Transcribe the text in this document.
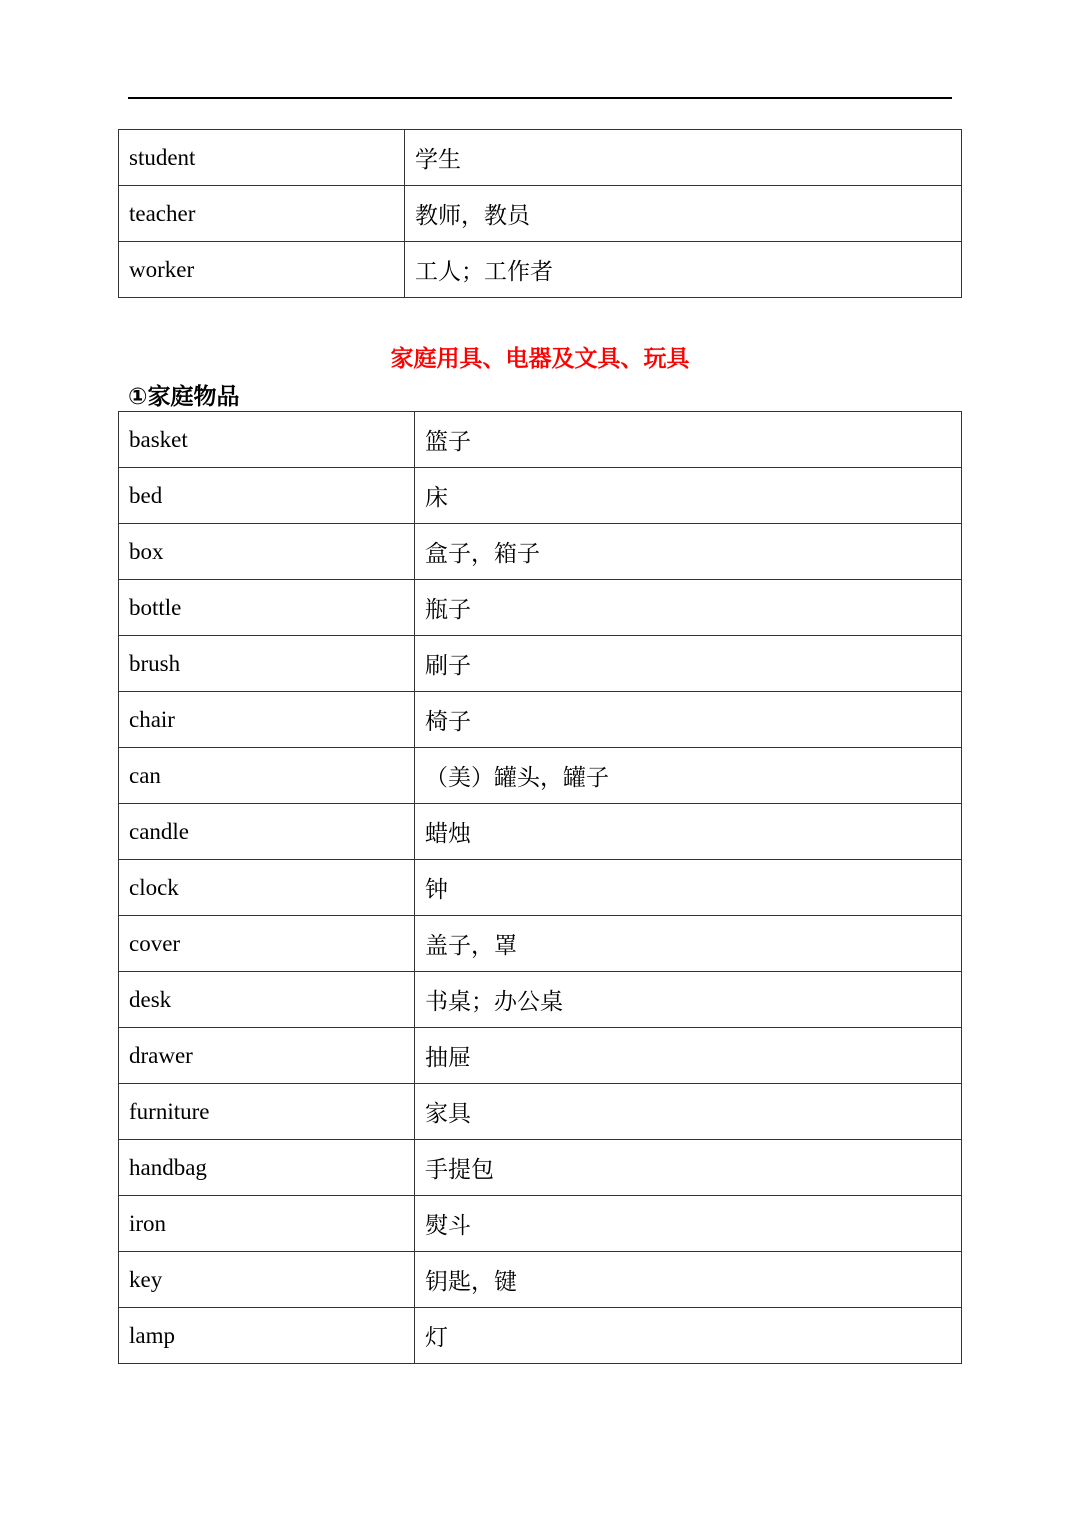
student	学生
teacher	教师，教员
worker	工人；工作者
家庭用具、电器及文具、玩具
①家庭物品
basket	篮子
bed	床
box	盒子，箱子
bottle	瓶子
brush	刷子
chair	椅子
can	（美）罐头，罐子
candle	蜡烛
clock	钟
cover	盖子，罩
desk	书桌；办公桌
drawer	抽屉
furniture	家具
handbag	手提包
iron	熨斗
key	钥匙，键
lamp	灯
